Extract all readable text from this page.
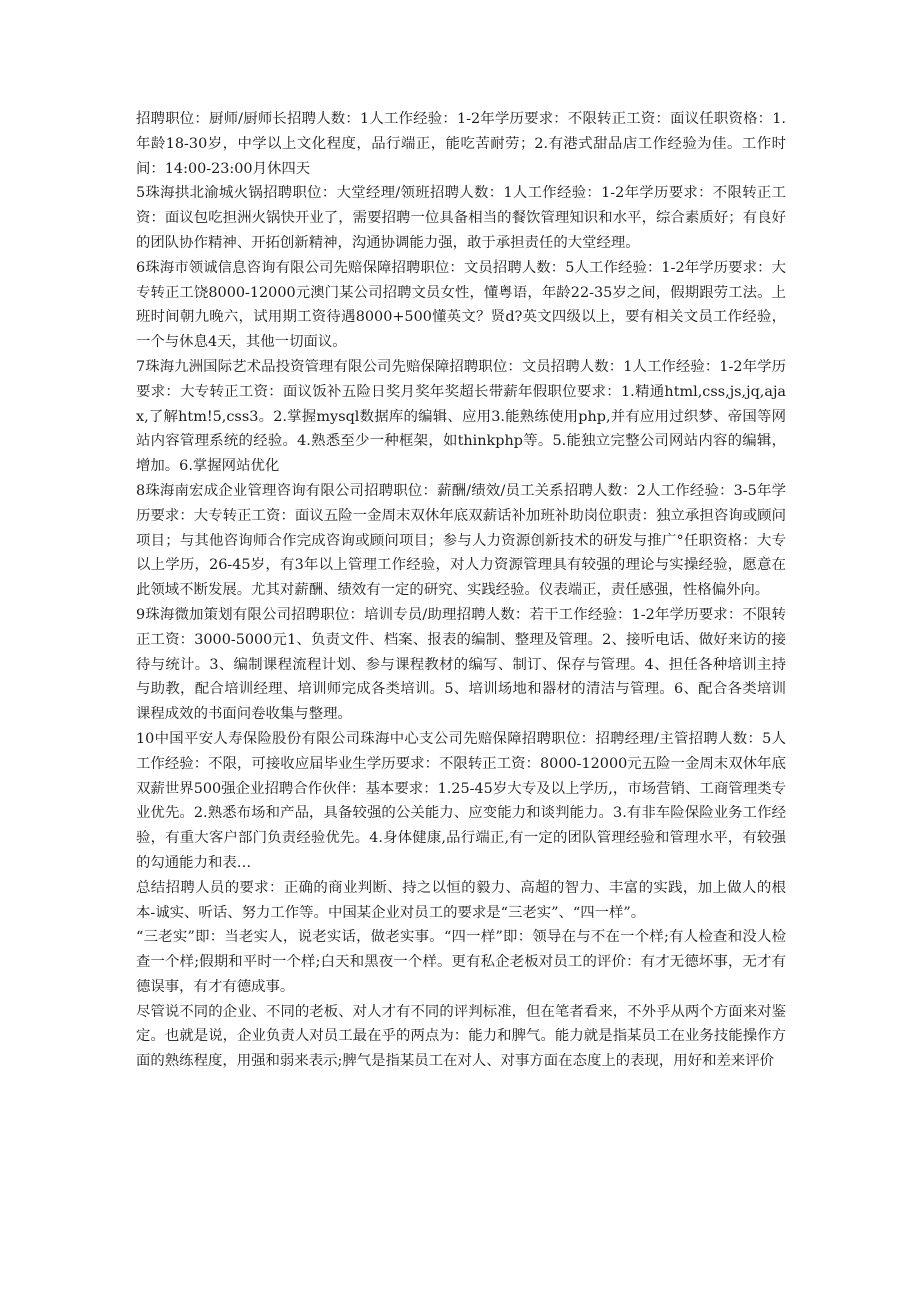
招聘职位：厨师/厨师长招聘人数：1人工作经验：1-2年学历要求：不限转正工资：面议任职资格：1.年龄18-30岁，中学以上文化程度，品行端正，能吃苦耐劳；2.有港式甜品店工作经验为佳。工作时间：14:00-23:00月休四天

5珠海拱北渝城火锅招聘职位：大堂经理/领班招聘人数：1人工作经验：1-2年学历要求：不限转正工资：面议包吃担洲火锅快开业了，需要招聘一位具备相当的餐饮管理知识和水平，综合素质好；有良好的团队协作精神、开拓创新精神，沟通协调能力强，敢于承担责任的大堂经理。

6珠海市领诚信息咨询有限公司先赔保障招聘职位：文员招聘人数：5人工作经验：1-2年学历要求：大专转正工饶8000-12000元澳门某公司招聘文员女性，懂粤语，年龄22-35岁之间，假期跟劳工法。上班时间朝九晚六，试用期工资待遇8000+500懂英文？贤d?英文四级以上，要有相关文员工作经验，一个与休息4天，其他一切面议。

7珠海九洲国际艺术品投资管理有限公司先赔保障招聘职位：文员招聘人数：1人工作经验：1-2年学历要求：大专转正工资：面议饭补五险日奖月奖年奖超长带薪年假职位要求：1.精通html,css,js,jq,ajax,了解htm!5,css3。2.掌握mysql数据库的编辑、应用3.能熟练使用php,并有应用过织梦、帝国等网站内容管理系统的经验。4.熟悉至少一种框架，如thinkphp等。5.能独立完整公司网站内容的编辑，增加。6.掌握网站优化

8珠海南宏成企业管理咨询有限公司招聘职位：薪酬/绩效/员工关系招聘人数：2人工作经验：3-5年学历要求：大专转正工资：面议五险一金周末双休年底双薪话补加班补助岗位职责：独立承担咨询或顾问项目；与其他咨询师合作完成咨询或顾问项目；参与人力资源创新技术的研发与推广°任职资格：大专以上学历，26-45岁，有3年以上管理工作经验，对人力资源管理具有较强的理论与实操经验，愿意在此领域不断发展。尤其对薪酬、绩效有一定的研究、实践经验。仪表端正，责任感强，性格偏外向。

9珠海微加策划有限公司招聘职位：培训专员/助理招聘人数：若干工作经验：1-2年学历要求：不限转正工资：3000-5000元1、负责文件、档案、报表的编制、整理及管理。2、接听电话、做好来访的接待与统计。3、编制课程流程计划、参与课程教材的编写、制订、保存与管理。4、担任各种培训主持与助教，配合培训经理、培训师完成各类培训。5、培训场地和器材的清洁与管理。6、配合各类培训课程成效的书面问卷收集与整理。

10中国平安人寿保险股份有限公司珠海中心支公司先赔保障招聘职位：招聘经理/主管招聘人数：5人工作经验：不限，可接收应届毕业生学历要求：不限转正工资：8000-12000元五险一金周末双休年底双薪世界500强企业招聘合作伙伴：基本要求：1.25-45岁大专及以上学历,，市场营销、工商管理类专业优先。2.熟悉布场和产品，具备较强的公关能力、应变能力和谈判能力。3.有非车险保险业务工作经验，有重大客户部门负责经验优先。4.身体健康,品行端正,有一定的团队管理经验和管理水平，有较强的勾通能力和表…

总结招聘人员的要求：正确的商业判断、持之以恒的毅力、高超的智力、丰富的实践，加上做人的根本-诚实、听话、努力工作等。中国某企业对员工的要求是“三老实”、“四一样”。

“三老实”即：当老实人，说老实话，做老实事。“四一样”即：领导在与不在一个样;有人检查和没人检查一个样;假期和平时一个样;白天和黑夜一个样。更有私企老板对员工的评价：有才无德坏事，无才有德误事，有才有德成事。

尽管说不同的企业、不同的老板、对人才有不同的评判标准，但在笔者看来，不外乎从两个方面来对鉴定。也就是说，企业负责人对员工最在乎的两点为：能力和脾气。能力就是指某员工在业务技能操作方面的熟练程度，用强和弱来表示;脾气是指某员工在对人、对事方面在态度上的表现，用好和差来评价
